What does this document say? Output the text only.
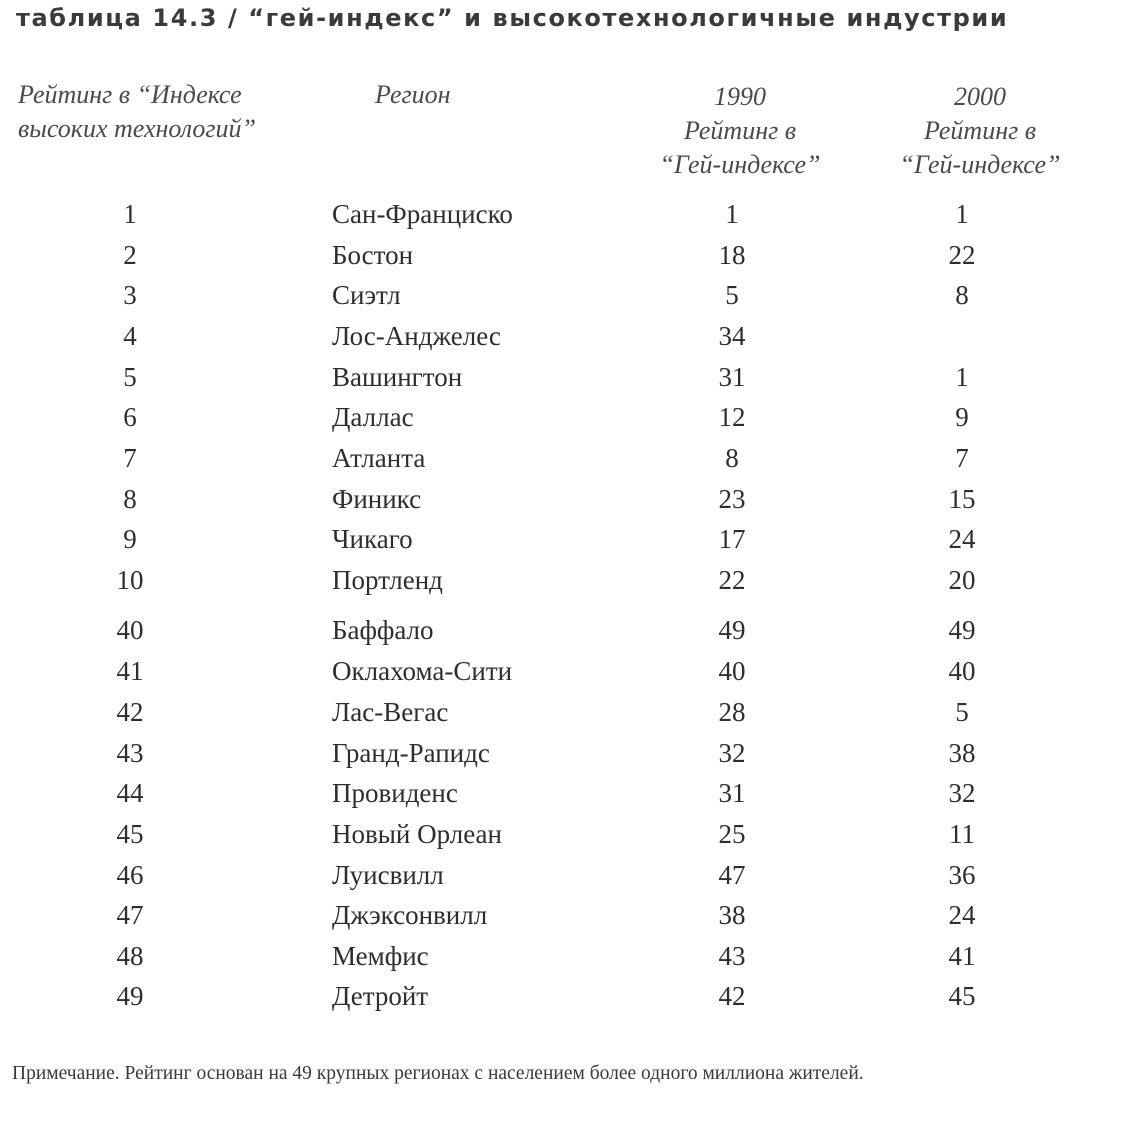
таблица 14.3 / “гей-индекс” и высокотехнологичные индустрии
Рейтинг в “Индексе
высоких технологий”
Регион	1990
Рейтинг в
“Гей-индексе”
2000
Рейтинг в
“Гей-индексе”
1	Сан-Франциско	1	1
2	Бостон	18	22
3	Сиэтл	5	8
4	Лос-Анджелес	34
5	Вашингтон	31	1
6	Даллас	12	9
7	Атланта	8	7
8	Финикс	23	15
9	Чикаго	17	24
10	Портленд	22	20
40	Баффало	49	49
41	Оклахома-Сити	40	40
42	Лас-Вегас	28	5
43	Гранд-Рапидс	32	38
44	Провиденс	31	32
45	Новый Орлеан	25	11
46	Луисвилл	47	36
47	Джэксонвилл	38	24
48	Мемфис	43	41
49	Детройт	42	45
Примечание. Рейтинг основан на 49 крупных регионах с населением более одного миллиона жителей.
